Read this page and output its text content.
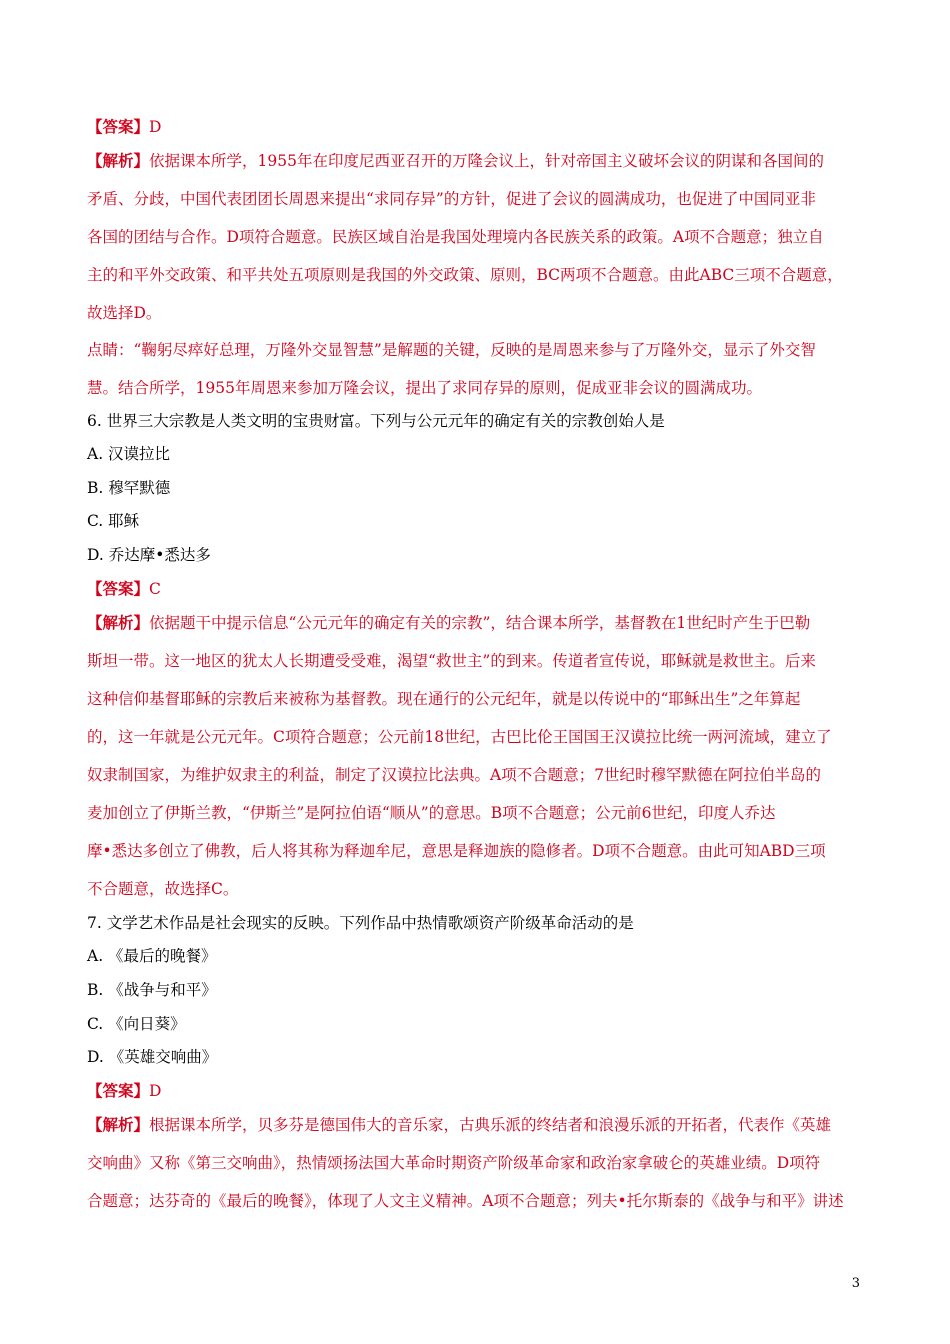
【答案】D
【解析】依据课本所学，1955年在印度尼西亚召开的万隆会议上，针对帝国主义破坏会议的阴谋和各国间的
矛盾、分歧，中国代表团团长周恩来提出“求同存异”的方针，促进了会议的圆满成功，也促进了中国同亚非
各国的团结与合作。D项符合题意。民族区域自治是我国处理境内各民族关系的政策。A项不合题意；独立自
主的和平外交政策、和平共处五项原则是我国的外交政策、原则，BC两项不合题意。由此ABC三项不合题意，
故选择D。
点睛：“鞠躬尽瘁好总理，万隆外交显智慧”是解题的关键，反映的是周恩来参与了万隆外交，显示了外交智
慧。结合所学，1955年周恩来参加万隆会议，提出了求同存异的原则，促成亚非会议的圆满成功。
6. 世界三大宗教是人类文明的宝贵财富。下列与公元元年的确定有关的宗教创始人是
A. 汉谟拉比
B. 穆罕默德
C. 耶稣
D. 乔达摩•悉达多
【答案】C
【解析】依据题干中提示信息“公元元年的确定有关的宗教”，结合课本所学，基督教在1世纪时产生于巴勒
斯坦一带。这一地区的犹太人长期遭受受难，渴望“救世主”的到来。传道者宣传说，耶稣就是救世主。后来
这种信仰基督耶稣的宗教后来被称为基督教。现在通行的公元纪年，就是以传说中的“耶稣出生”之年算起
的，这一年就是公元元年。C项符合题意；公元前18世纪，古巴比伦王国国王汉谟拉比统一两河流域，建立了
奴隶制国家，为维护奴隶主的利益，制定了汉谟拉比法典。A项不合题意；7世纪时穆罕默德在阿拉伯半岛的
麦加创立了伊斯兰教，“伊斯兰”是阿拉伯语“顺从”的意思。B项不合题意；公元前6世纪，印度人乔达
摩•悉达多创立了佛教，后人将其称为释迦牟尼，意思是释迦族的隐修者。D项不合题意。由此可知ABD三项
不合题意，故选择C。
7. 文学艺术作品是社会现实的反映。下列作品中热情歌颂资产阶级革命活动的是
A. 《最后的晚餐》
B. 《战争与和平》
C. 《向日葵》
D. 《英雄交响曲》
【答案】D
【解析】根据课本所学，贝多芬是德国伟大的音乐家，古典乐派的终结者和浪漫乐派的开拓者，代表作《英雄
交响曲》又称《第三交响曲》，热情颂扬法国大革命时期资产阶级革命家和政治家拿破仑的英雄业绩。D项符
合题意；达芬奇的《最后的晚餐》，体现了人文主义精神。A项不合题意；列夫•托尔斯泰的《战争与和平》讲述
3
